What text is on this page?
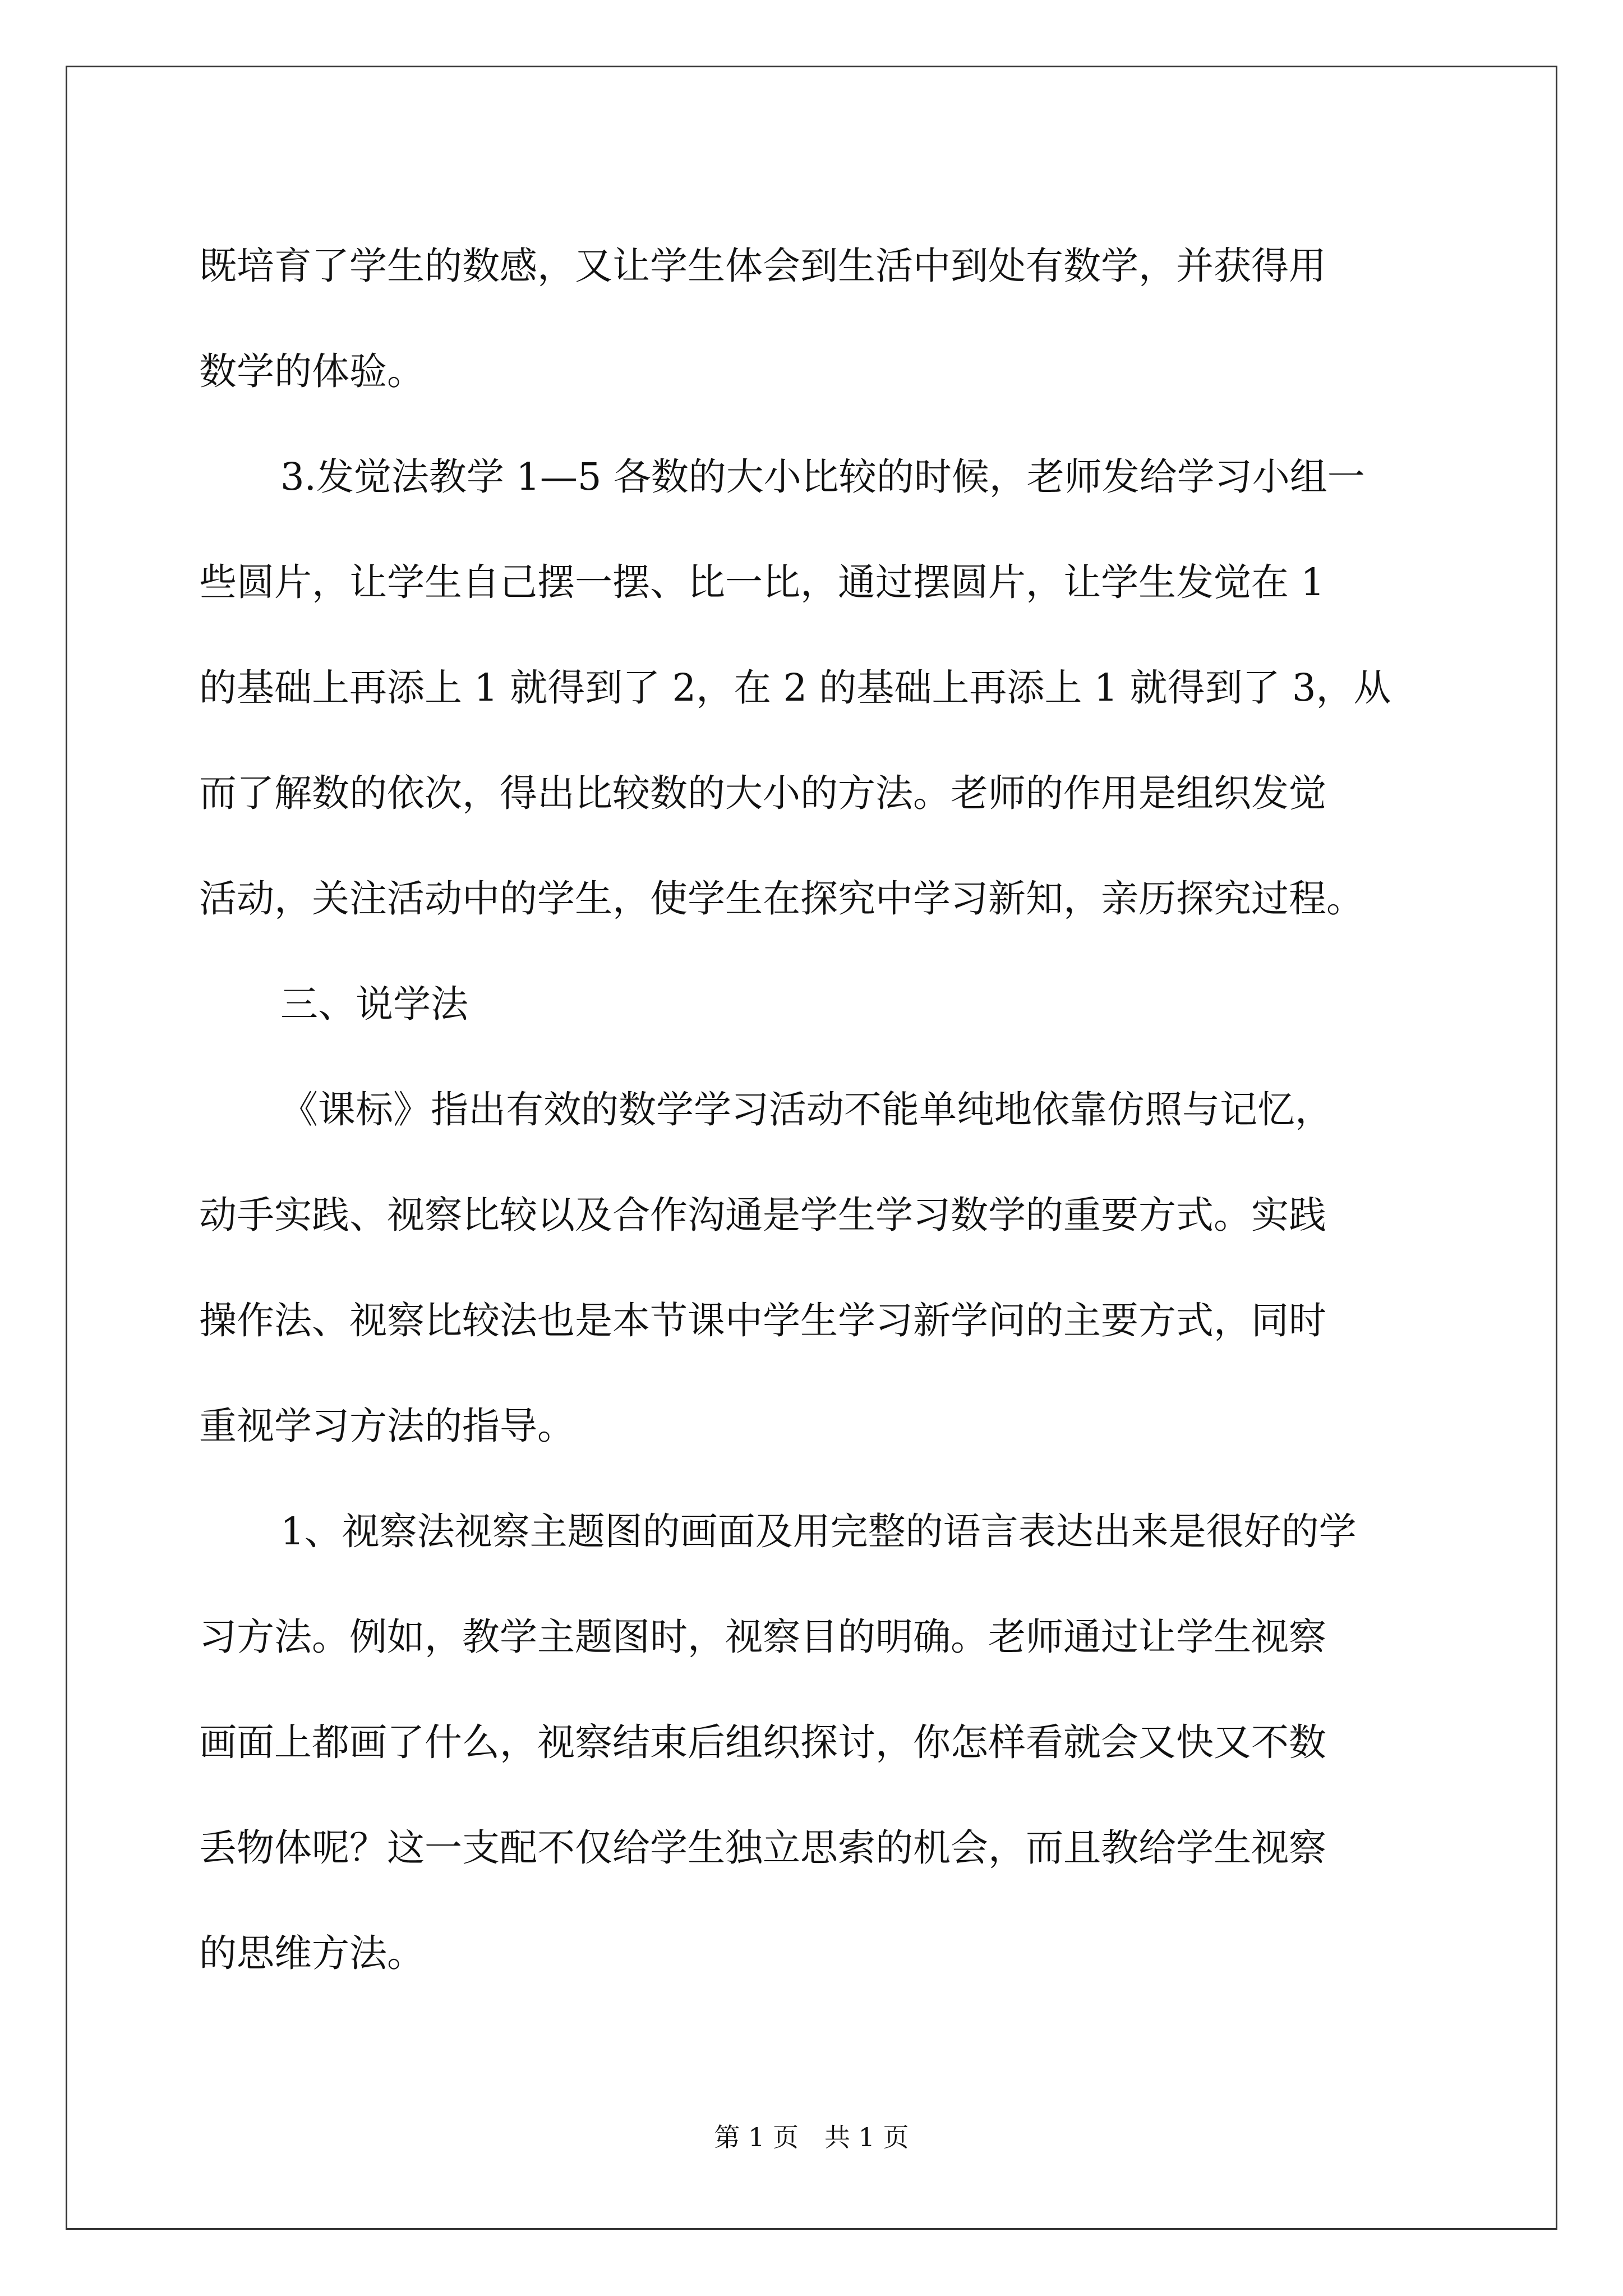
既培育了学生的数感，又让学生体会到生活中到处有数学，并获得用
数学的体验。
3.发觉法教学 1—5 各数的大小比较的时候，老师发给学习小组一
些圆片，让学生自己摆一摆、比一比，通过摆圆片，让学生发觉在 1
的基础上再添上 1 就得到了 2，在 2 的基础上再添上 1 就得到了 3，从
而了解数的依次，得出比较数的大小的方法。老师的作用是组织发觉
活动，关注活动中的学生，使学生在探究中学习新知，亲历探究过程。
三、说学法
《课标》指出有效的数学学习活动不能单纯地依靠仿照与记忆，
动手实践、视察比较以及合作沟通是学生学习数学的重要方式。实践
操作法、视察比较法也是本节课中学生学习新学问的主要方式，同时
重视学习方法的指导。
1、视察法视察主题图的画面及用完整的语言表达出来是很好的学
习方法。例如，教学主题图时，视察目的明确。老师通过让学生视察
画面上都画了什么，视察结束后组织探讨，你怎样看就会又快又不数
丢物体呢？这一支配不仅给学生独立思索的机会，而且教给学生视察
的思维方法。
第 1 页 共 1 页
